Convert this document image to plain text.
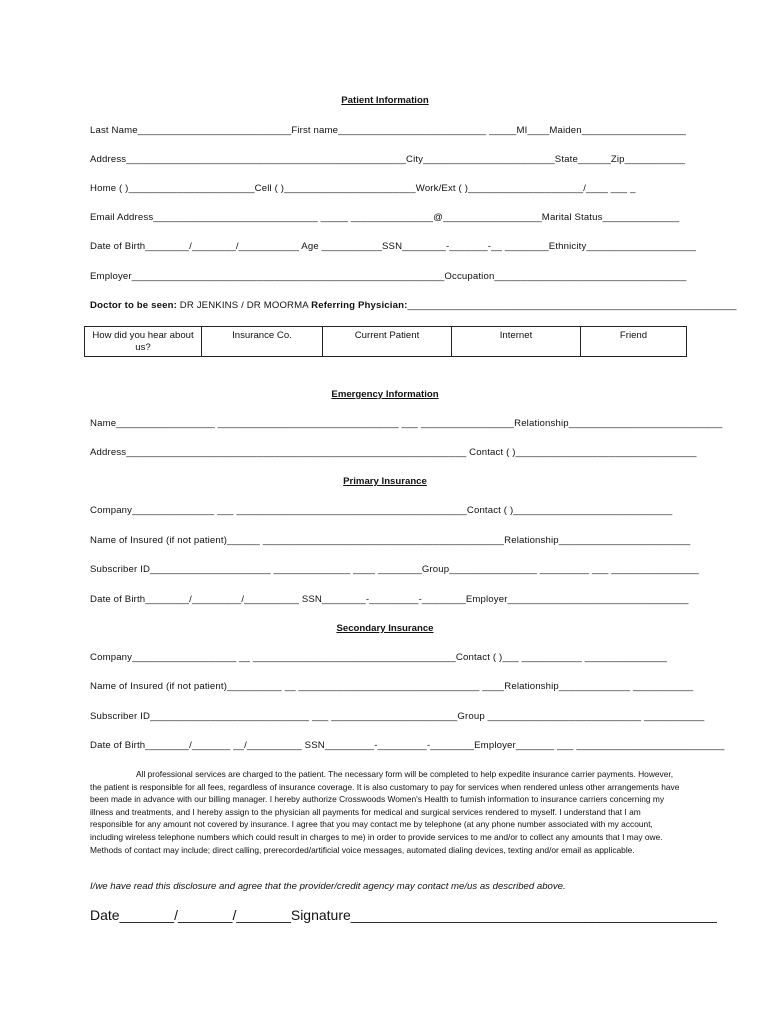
Patient Information
Last Name____________________________First name___________________________ _____MI____Maiden___________________
Address___________________________________________________City________________________State______Zip___________
Home ( )_______________________Cell ( )________________________Work/Ext ( )_____________________/____ ___ _
Email Address______________________________ _____ _______________@__________________Marital Status______________
Date of Birth________/________/___________ Age ___________SSN________-_______-__ ________Ethnicity____________________
Employer_________________________________________________________Occupation___________________________________
Doctor to be seen: DR JENKINS / DR MOORMA Referring Physician:____________________________________________________________
How did you hear about us?	Insurance Co.	Current Patient	Internet	Friend
Emergency Information
Name__________________ _________________________________ ___ _________________Relationship____________________________
Address______________________________________________________________ Contact ( )_________________________________
Primary Insurance
Company_______________ ___ __________________________________________Contact ( )_____________________________
Name of Insured (if not patient)______ ____________________________________________Relationship________________________
Subscriber ID______________________ ______________ ____ ________Group________________ _________ ___ ________________
Date of Birth________/_________/__________ SSN________-_________-________Employer_________________________________
Secondary Insurance
Company___________________ __ _____________________________________Contact ( )___ ___________ _______________
Name of Insured (if not patient)__________ __ _________________________________ ____Relationship_____________ ___________
Subscriber ID_____________________________ ___ _______________________Group ____________________________ ___________
Date of Birth________/_______ __/__________ SSN_________-_________-________Employer_______ ___ ___________________________
All professional services are charged to the patient. The necessary form will be completed to help expedite insurance carrier payments. However, the patient is responsible for all fees, regardless of insurance coverage. It is also customary to pay for services when rendered unless other arrangements have been made in advance with our billing manager. I hereby authorize Crosswoods Women's Health to furnish information to insurance carriers concerning my illness and treatments, and I hereby assign to the physician all payments for medical and surgical services rendered to myself. I understand that I am responsible for any amount not covered by insurance. I agree that you may contact me by telephone (at any phone number associated with my account, including wireless telephone numbers which could result in charges to me) in order to provide services to me and/or to collect any amounts that I may owe. Methods of contact may include; direct calling, prerecorded/artificial voice messages, automated dialing devices, texting and/or email as applicable.
I/we have read this disclosure and agree that the provider/credit agency may contact me/us as described above.
Date_______/_______/_______Signature_______________________________________________
